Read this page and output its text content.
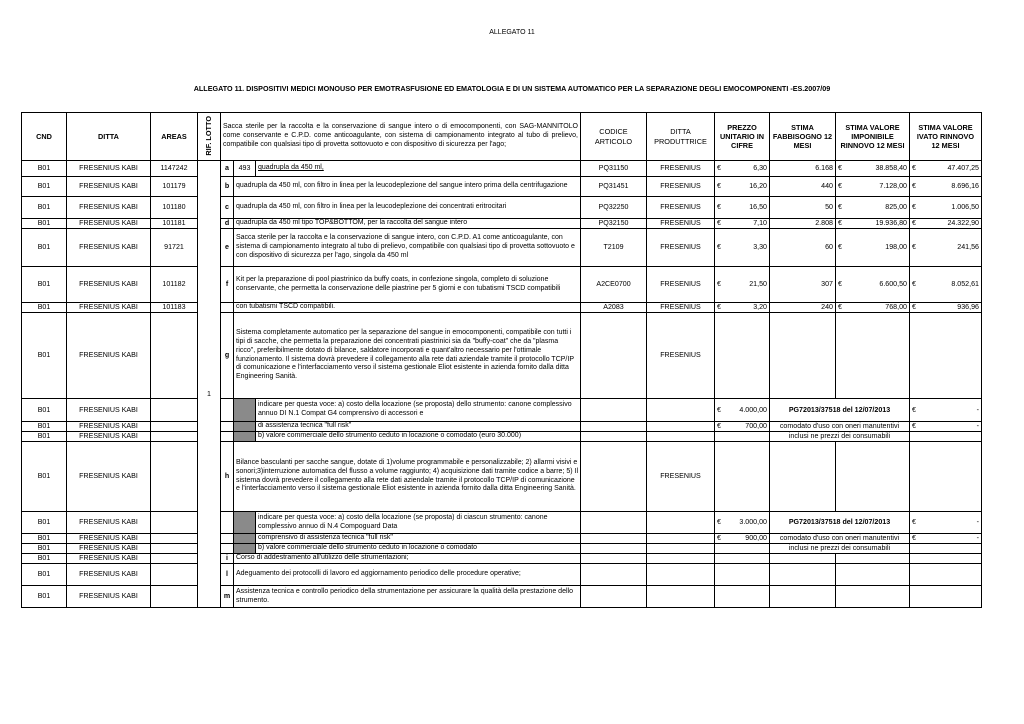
ALLEGATO 11
ALLEGATO 11. DISPOSITIVI MEDICI MONOUSO PER EMOTRASFUSIONE ED EMATOLOGIA E DI UN SISTEMA AUTOMATICO PER LA SEPARAZIONE DEGLI EMOCOMPONENTI -ES.2007/09
CND	DITTA	AREAS	RIF. LOTTO	Sacca sterile per la raccolta e la conservazione di sangue intero o di emocomponenti, con SAG-MANNITOLO come conservante e C.P.D. come anticoagulante, con sistema di campionamento integrato al tubo di prelievo, compatibile con qualsiasi tipo di provetta sottovuoto e con dispositivo di sicurezza per l'ago;			CODICE ARTICOLO	DITTA PRODUTTRICE	PREZZO UNITARIO IN CIFRE	STIMA FABBISOGNO 12 MESI	STIMA VALORE IMPONIBILE RINNOVO 12 MESI	STIMA VALORE IVATO RINNOVO 12 MESI
B01	FRESENIUS KABI	1147242		a	493	quadrupla da 450 ml,	PQ31150	FRESENIUS	€ 6,30	6.168	€ 38.858,40	€ 47.407,25

B01	FRESENIUS KABI	101179		b	quadrupla da 450 ml, con filtro in linea per la leucodeplezione del sangue intero prima della centrifugazione		PQ31451	FRESENIUS	€ 16,20	440	€ 7.128,00	€ 8.696,16

B01	FRESENIUS KABI	101180		c	quadrupla da 450 ml, con filtro in linea per la leucodeplezione dei concentrati eritrocitari		PQ32250	FRESENIUS	€ 16,50	50	€ 825,00	€ 1.006,50

B01	FRESENIUS KABI	101181		d	quadrupla da 450 ml tipo TOP&BOTTOM, per la raccolta del sangue intero		PQ32150	FRESENIUS	€ 7,10	2.808	€ 19.936,80	€ 24.322,90

B01	FRESENIUS KABI	91721		e	Sacca sterile per la raccolta e la conservazione di sangue intero, con C.P.D. A1 come anticoagulante, con sistema di campionamento integrato al tubo di prelievo, compatibile con qualsiasi tipo di provetta sottovuoto e con dispositivo di sicurezza per l'ago, singola da 450 ml		T2109	FRESENIUS	€ 3,30	60	€ 198,00	€ 241,56

B01	FRESENIUS KABI	101182		f	Kit per la preparazione di pool piastrinico da buffy coats, in confezione singola, completo di soluzione conservante, che permetta la conservazione delle piastrine per 5 giorni e con tubatismi TSCD compatibili		A2CE0700	FRESENIUS	€ 21,50	307	€ 6.600,50	€ 8.052,61

B01	FRESENIUS KABI	101183			con tubatismi TSCD compatibili.		A2083	FRESENIUS	€ 3,20	240	€ 768,00	€ 936,96

B01	FRESENIUS KABI		1	g	Sistema completamente automatico per la separazione del sangue in emocomponenti, compatibile con tutti i tipi di sacche, che permetta la preparazione dei concentrati piastrinici sia da "buffy-coat" che da "plasma ricco", preferibilmente dotato di bilance, saldatore incorporati e quant'altro necessario per l'ottimale funzionamento. Il sistema dovrà prevedere il collegamento alla rete dati aziendale tramite il protocollo TCP/IP di comunicazione e l'interfacciamento verso il sistema gestionale Eliot esistente in azienda fornito dalla ditta Engineering Sanità.			FRESENIUS				
B01	FRESENIUS KABI					indicare per questa voce: a) costo della locazione (se proposta) dello strumento: canone complessivo annuo DI N.1 Compat G4 comprensivo di accessori e			€ 4.000,00	PG72013/37518 del 12/07/2013		€ -

B01	FRESENIUS KABI					di assistenza tecnica "full risk"			€ 700,00	comodato d'uso con oneri manutentivi		€ -

B01	FRESENIUS KABI					b) valore commerciale dello strumento ceduto in locazione o comodato (euro 30.000)				inclusi ne prezzi dei consumabili		
B01	FRESENIUS KABI			h	Bilance basculanti per sacche sangue, dotate di 1)volume programmabile e personalizzabile; 2) allarmi visivi e sonori;3)interruzione automatica del flusso a volume raggiunto; 4) acquisizione dati tramite codice a barre; 5) Il sistema dovrà prevedere il collegamento alla rete dati aziendale tramite il protocollo TCP/IP di comunicazione e l'interfacciamento verso il sistema gestionale Eliot esistente in azienda fornito dalla ditta Engineering Sanità.			FRESENIUS				
B01	FRESENIUS KABI					indicare per questa voce: a) costo della locazione (se proposta) di ciascun strumento: canone complessivo annuo di N.4 Compoguard Data			€ 3.000,00	PG72013/37518 del 12/07/2013		€ -

B01	FRESENIUS KABI					comprensivo di assistenza tecnica "full risk"			€ 900,00	comodato d'uso con oneri manutentivi		€ -

B01	FRESENIUS KABI					b) valore commerciale dello strumento ceduto in locazione o comodato				inclusi ne prezzi dei consumabili		
B01	FRESENIUS KABI			i	Corso di addestramento all'utilizzo delle strumentazioni;							
B01	FRESENIUS KABI			l	Adeguamento dei protocolli di lavoro ed aggiornamento periodico delle procedure operative;							
B01	FRESENIUS KABI			m	Assistenza tecnica e controllo periodico della strumentazione per assicurare la qualità della prestazione dello strumento.							
